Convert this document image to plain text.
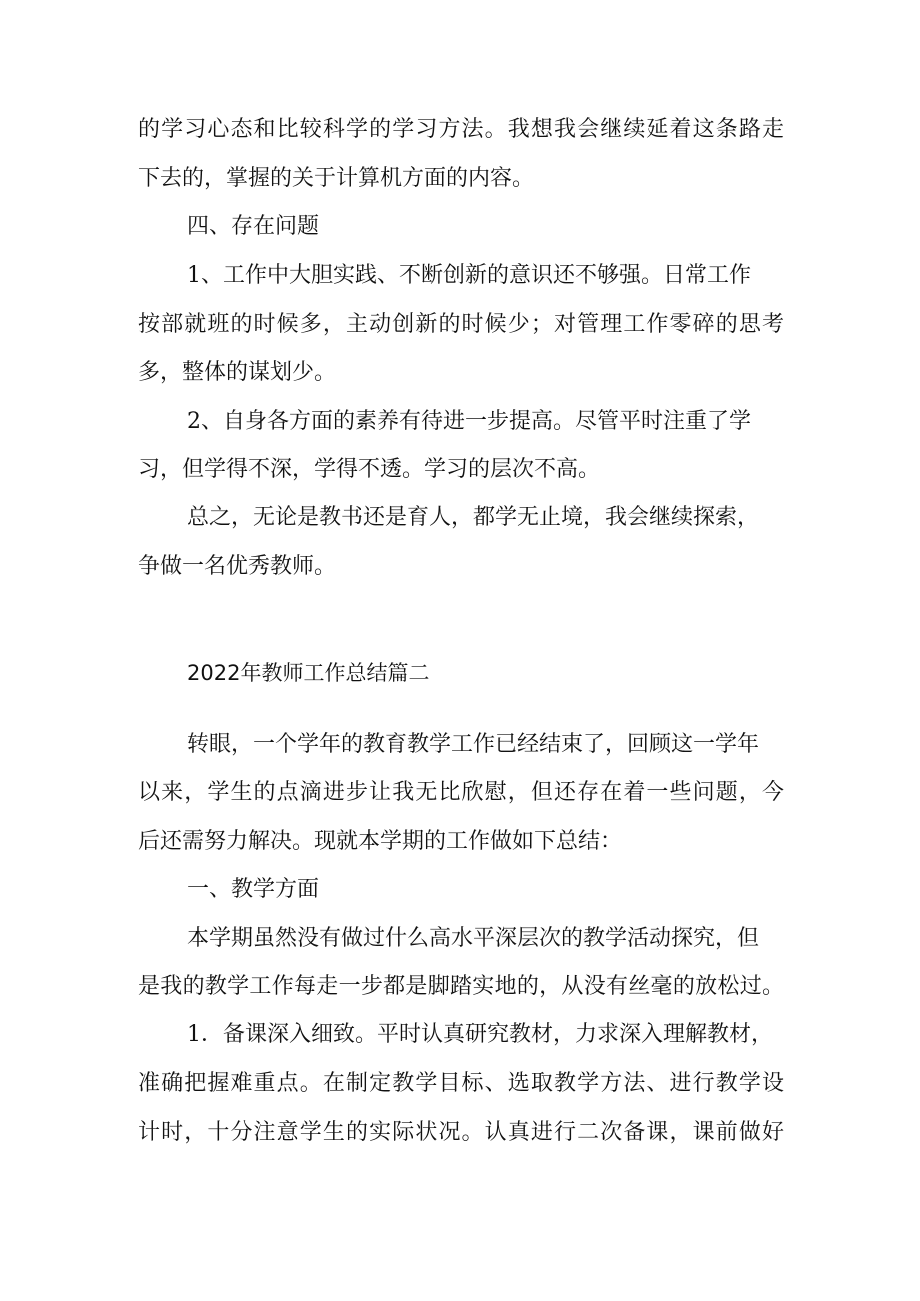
的学习心态和比较科学的学习方法。我想我会继续延着这条路走
下去的，掌握的关于计算机方面的内容。
四、存在问题
1、工作中大胆实践、不断创新的意识还不够强。日常工作
按部就班的时候多，主动创新的时候少；对管理工作零碎的思考
多，整体的谋划少。
2、自身各方面的素养有待进一步提高。尽管平时注重了学
习，但学得不深，学得不透。学习的层次不高。
总之，无论是教书还是育人，都学无止境，我会继续探索，
争做一名优秀教师。
2022年教师工作总结篇二
转眼，一个学年的教育教学工作已经结束了，回顾这一学年
以来，学生的点滴进步让我无比欣慰，但还存在着一些问题，今
后还需努力解决。现就本学期的工作做如下总结：
一、教学方面
本学期虽然没有做过什么高水平深层次的教学活动探究，但
是我的教学工作每走一步都是脚踏实地的，从没有丝毫的放松过。
1．备课深入细致。平时认真研究教材，力求深入理解教材，
准确把握难重点。在制定教学目标、选取教学方法、进行教学设
计时，十分注意学生的实际状况。认真进行二次备课，课前做好
